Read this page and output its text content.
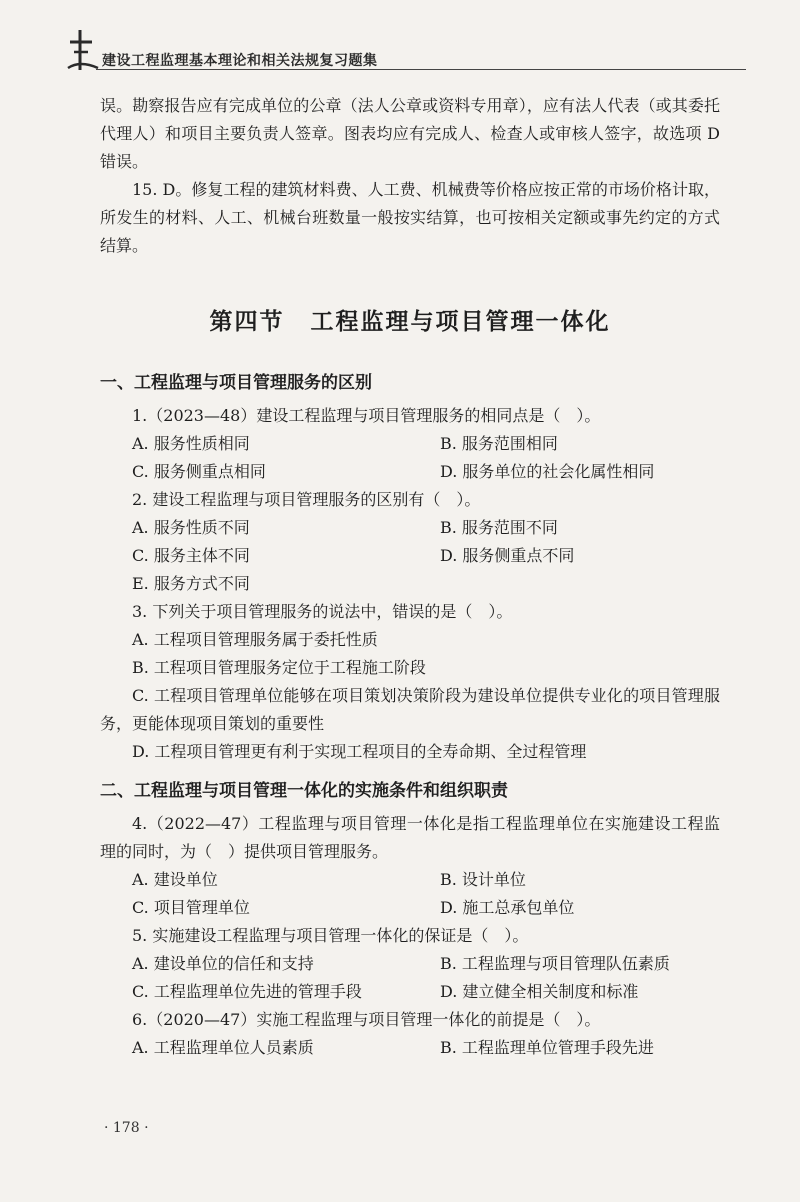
建设工程监理基本理论和相关法规复习题集

误。勘察报告应有完成单位的公章（法人公章或资料专用章），应有法人代表（或其委托代理人）和项目主要负责人签章。图表均应有完成人、检查人或审核人签字，故选项 D 错误。

15. D。修复工程的建筑材料费、人工费、机械费等价格应按正常的市场价格计取，所发生的材料、人工、机械台班数量一般按实结算，也可按相关定额或事先约定的方式结算。

第四节 工程监理与项目管理一体化
一、工程监理与项目管理服务的区别

1.（2023—48）建设工程监理与项目管理服务的相同点是（　）。

A. 服务性质相同	B. 服务范围相同
C. 服务侧重点相同	D. 服务单位的社会化属性相同

2. 建设工程监理与项目管理服务的区别有（　）。

A. 服务性质不同	B. 服务范围不同
C. 服务主体不同	D. 服务侧重点不同

E. 服务方式不同

3. 下列关于项目管理服务的说法中，错误的是（　）。

A. 工程项目管理服务属于委托性质

B. 工程项目管理服务定位于工程施工阶段

C. 工程项目管理单位能够在项目策划决策阶段为建设单位提供专业化的项目管理服务，更能体现项目策划的重要性

D. 工程项目管理更有利于实现工程项目的全寿命期、全过程管理

二、工程监理与项目管理一体化的实施条件和组织职责

4.（2022—47）工程监理与项目管理一体化是指工程监理单位在实施建设工程监理的同时，为（　）提供项目管理服务。

A. 建设单位	B. 设计单位
C. 项目管理单位	D. 施工总承包单位

5. 实施建设工程监理与项目管理一体化的保证是（　）。

A. 建设单位的信任和支持	B. 工程监理与项目管理队伍素质
C. 工程监理单位先进的管理手段	D. 建立健全相关制度和标准

6.（2020—47）实施工程监理与项目管理一体化的前提是（　）。

A. 工程监理单位人员素质	B. 工程监理单位管理手段先进
· 178 ·
